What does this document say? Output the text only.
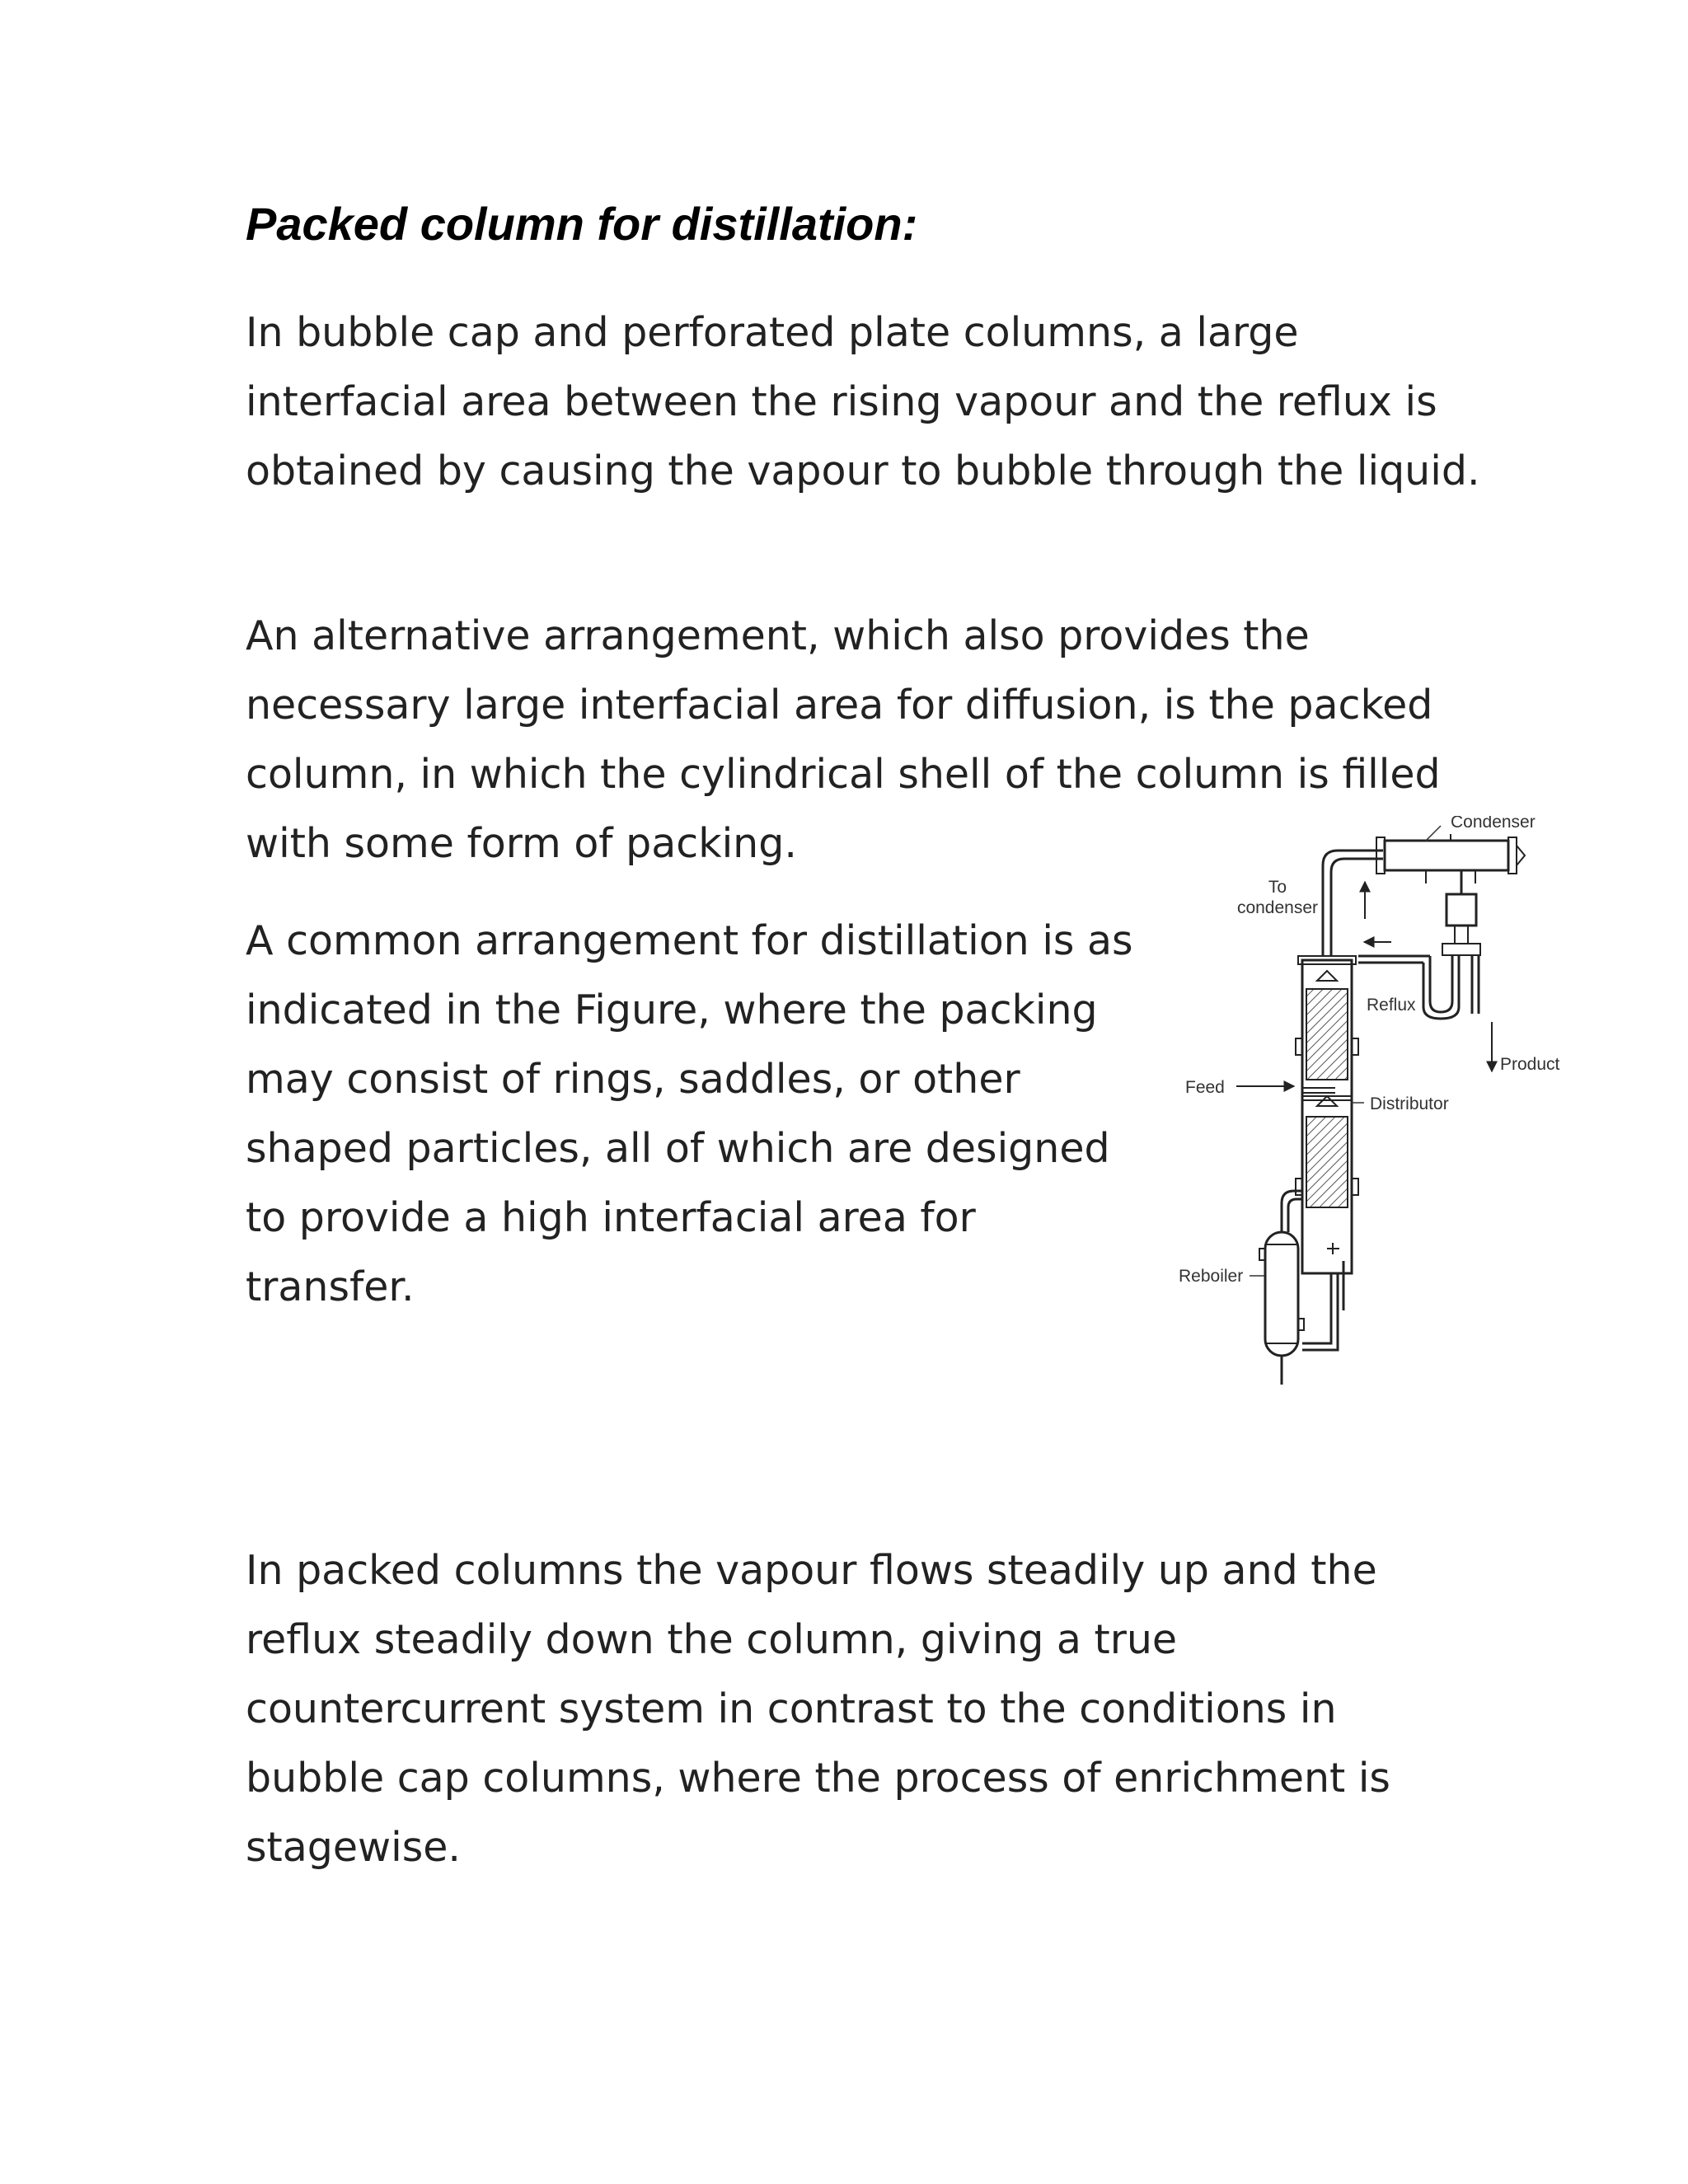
Packed column for distillation:

In bubble cap and perforated plate columns, a large interfacial area between the rising vapour and the reflux is obtained by causing the vapour to bubble through the liquid.

An alternative arrangement, which also provides the necessary large interfacial area for diffusion, is the packed column, in which the cylindrical shell of the column is filled with some form of packing.

A common arrangement for distillation is as indicated in the Figure, where the packing may consist of rings, saddles, or other shaped particles, all of which are designed to provide a high interfacial area for transfer.

In packed columns the vapour flows steadily up and the reflux steadily down the column, giving a true countercurrent system in contrast to the conditions in bubble cap columns, where the process of enrichment is stagewise.

To
condenser
Condenser
Reflux
Product
Feed
Distributor
Reboiler
